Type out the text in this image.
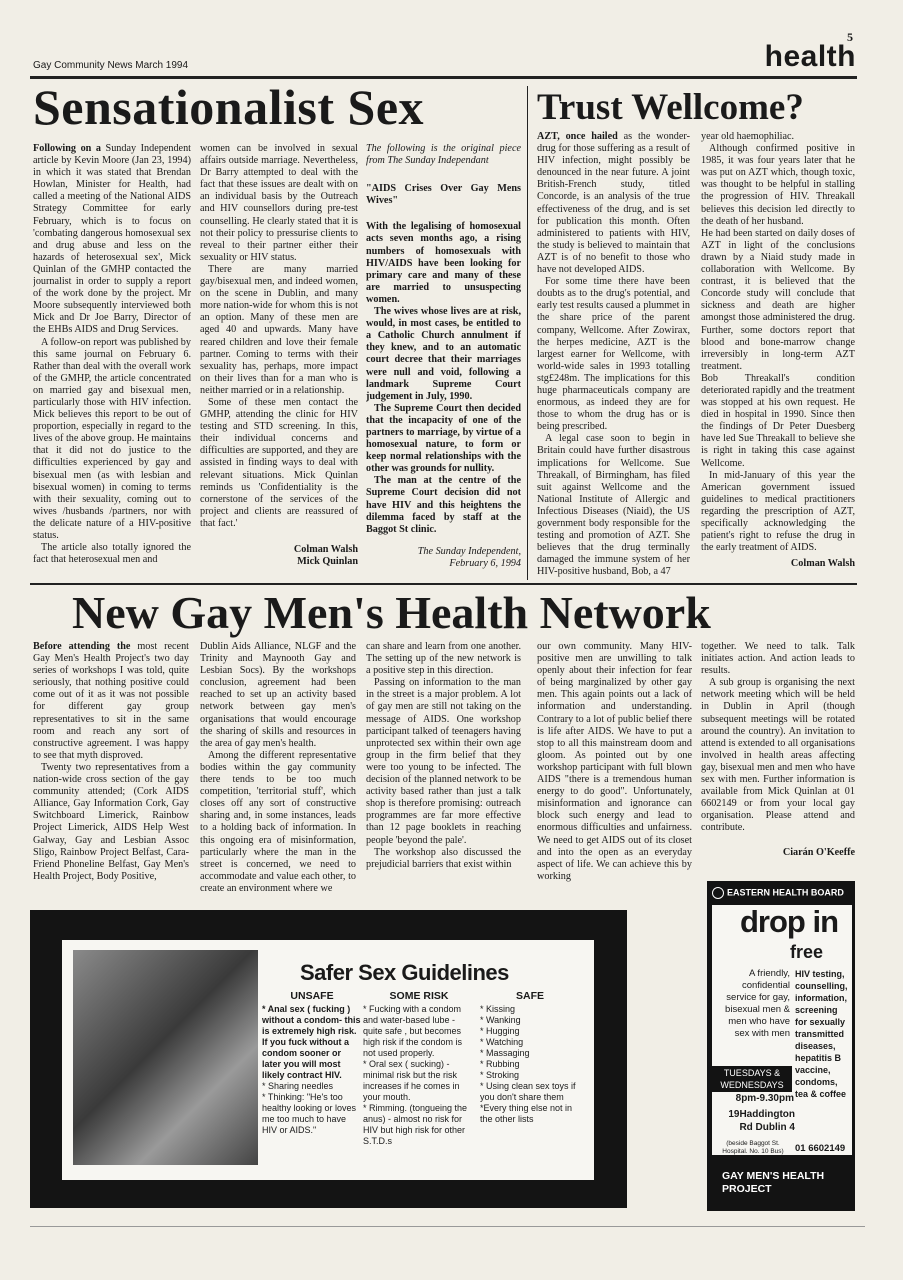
5
Gay Community News March 1994	health
Sensationalist Sex

Following on a Sunday Independent article by Kevin Moore (Jan 23, 1994) in which it was stated that Brendan Howlan, Minister for Health, had called a meeting of the National AIDS Strategy Committee for early February, which is to focus on 'combating dangerous homosexual sex and drug abuse and less on the hazards of heterosexual sex', Mick Quinlan of the GMHP contacted the journalist in order to supply a report of the work done by the project. Mr Moore subsequently interviewed both Mick and Dr Joe Barry, Director of the EHBs AIDS and Drug Services.

A follow-on report was published by this same journal on February 6. Rather than deal with the overall work of the GMHP, the article concentrated on married gay and bisexual men, particularly those with HIV infection. Mick believes this report to be out of proportion, especially in regard to the lives of the above group. He maintains that it did not do justice to the difficulties experienced by gay and bisexual men (as with lesbian and bisexual women) in coming to terms with their sexuality, coming out to wives /husbands /partners, nor with the delicate nature of a HIV-positive status.

The article also totally ignored the fact that heterosexual men and

women can be involved in sexual affairs outside marriage. Nevertheless, Dr Barry attempted to deal with the fact that these issues are dealt with on an individual basis by the Outreach and HIV counsellors during pre-test counselling. He clearly stated that it is not their policy to pressurise clients to reveal to their partner either their sexuality or HIV status.

There are many married gay/bisexual men, and indeed women, on the scene in Dublin, and many more nation-wide for whom this is not an option. Many of these men are aged 40 and upwards. Many have reared children and love their female partner. Coming to terms with their sexuality has, perhaps, more impact on their lives than for a man who is neither married or in a relationship.

Some of these men contact the GMHP, attending the clinic for HIV testing and STD screening. In this, their individual concerns and difficulties are supported, and they are assisted in finding ways to deal with relevant situations. Mick Quinlan reminds us 'Confidentiality is the cornerstone of the services of the project and clients are reassured of that fact.'

Colman Walsh
Mick Quinlan

The following is the original piece from The Sunday Independant

"AIDS Crises Over Gay Mens Wives"

With the legalising of homosexual acts seven months ago, a rising numbers of homosexuals with HIV/AIDS have been looking for primary care and many of these are married to unsuspecting women.

The wives whose lives are at risk, would, in most cases, be entitled to a Catholic Church annulment if they knew, and to an automatic court decree that their marriages were null and void, following a landmark Supreme Court judgement in July, 1990.

The Supreme Court then decided that the incapacity of one of the partners to marriage, by virtue of a homosexual nature, to form or keep normal relationships with the other was grounds for nullity.

The man at the centre of the Supreme Court decision did not have HIV and this heightens the dilemma faced by staff at the Baggot St clinic.

The Sunday Independent,
February 6, 1994
Trust Wellcome?

AZT, once hailed as the wonder-drug for those suffering as a result of HIV infection, might possibly be denounced in the near future. A joint British-French study, titled Concorde, is an analysis of the true effectiveness of the drug, and is set for publication this month. Often administered to patients with HIV, the study is believed to maintain that AZT is of no benefit to those who have not developed AIDS.

For some time there have been doubts as to the drug's potential, and early test results caused a plummet in the share price of the parent company, Wellcome. After Zowirax, the herpes medicine, AZT is the largest earner for Wellcome, with world-wide sales in 1993 totalling stg£248m. The implications for this huge pharmaceuticals company are enormous, as indeed they are for those to whom the drug has or is being prescribed.

A legal case soon to begin in Britain could have further disastrous implications for Wellcome. Sue Threakall, of Birmingham, has filed suit against Wellcome and the National Institute of Allergic and Infectious Diseases (Niaid), the US government body responsible for the testing and promotion of AZT. She believes that the drug terminally damaged the immune system of her HIV-positive husband, Bob, a 47

year old haemophiliac.

Although confirmed positive in 1985, it was four years later that he was put on AZT which, though toxic, was thought to be helpful in stalling the progression of HIV. Threakall believes this decision led directly to the death of her husband.

He had been started on daily doses of AZT in light of the conclusions drawn by a Niaid study made in collaboration with Wellcome. By contrast, it is believed that the Concorde study will conclude that sickness and death are higher amongst those administered the drug. Further, some doctors report that blood and bone-marrow change irreversibly in long-term AZT treatment.

Bob Threakall's condition deteriorated rapidly and the treatment was stopped at his own request. He died in hospital in 1990. Since then the findings of Dr Peter Duesberg have led Sue Threakall to believe she is right in taking this case against Wellcome.

In mid-January of this year the American government issued guidelines to medical practitioners regarding the prescription of AZT, specifically acknowledging the patient's right to refuse the drug in the early treatment of AIDS.

Colman Walsh
New Gay Men's Health Network

Before attending the most recent Gay Men's Health Project's two day series of workshops I was told, quite seriously, that nothing positive could come out of it as it was not possible for different gay group representatives to sit in the same room and reach any sort of constructive agreement. I was happy to see that myth disproved.

Twenty two representatives from a nation-wide cross section of the gay community attended; (Cork AIDS Alliance, Gay Information Cork, Gay Switchboard Limerick, Rainbow Project Limerick, AIDS Help West Galway, Gay and Lesbian Assoc Sligo, Rainbow Project Belfast, Cara-Friend Phoneline Belfast, Gay Men's Health Project, Body Positive,

Dublin Aids Alliance, NLGF and the Trinity and Maynooth Gay and Lesbian Socs). By the workshops conclusion, agreement had been reached to set up an activity based network between gay men's organisations that would encourage the sharing of skills and resources in the area of gay men's health.

Among the different representative bodies within the gay community there tends to be too much competition, 'territorial stuff', which closes off any sort of constructive sharing and, in some instances, leads to a holding back of information. In this ongoing era of misinformation, particularly where the man in the street is concerned, we need to accommodate and value each other, to create an environment where we

can share and learn from one another. The setting up of the new network is a positive step in this direction.

Passing on information to the man in the street is a major problem. A lot of gay men are still not taking on the message of AIDS. One workshop participant talked of teenagers having unprotected sex within their own age group in the firm belief that they were too young to be infected. The decision of the planned network to be activity based rather than just a talk shop is therefore promising: outreach programmes are far more effective than 12 page booklets in reaching people 'beyond the pale'.

The workshop also discussed the prejudicial barriers that exist within

our own community. Many HIV-positive men are unwilling to talk openly about their infection for fear of being marginalized by other gay men. This again points out a lack of information and understanding. Contrary to a lot of public belief there is life after AIDS. We have to put a stop to all this mainstream doom and gloom. As pointed out by one workshop participant with full blown AIDS "there is a tremendous human energy to do good". Unfortunately, misinformation and ignorance can block such energy and lead to enormous difficulties and unfairness. We need to get AIDS out of its closet and into the open as an everyday aspect of life. We can achieve this by working

together. We need to talk. Talk initiates action. And action leads to results.

A sub group is organising the next network meeting which will be held in Dublin in April (though subsequent meetings will be rotated around the country). An invitation to attend is extended to all organisations involved in health areas affecting gay, bisexual men and men who have sex with men. Further information is available from Mick Quinlan at 01 6602149 or from your local gay organisation. Please attend and contribute.

Ciarán O'Keeffe
Safer Sex Guidelines
UNSAFE
* Anal sex ( fucking ) without a condom- this is extremely high risk. If you fuck without a condom sooner or later you will most likely contract HIV.
* Sharing needles
* Thinking: "He's too healthy looking or loves me too much to have HIV or AIDS."
SOME RISK
* Fucking with a condom and water-based lube - quite safe , but becomes high risk if the condom is not used properly.
* Oral sex ( sucking) - minimal risk but the risk increases if he comes in your mouth.
* Rimming. (tongueing the anus) - almost no risk for HIV but high risk for other S.T.D.s
SAFE
* Kissing
* Wanking
* Hugging
* Watching
* Massaging
* Rubbing
* Stroking
* Using clean sex toys if you don't share them
*Every thing else not in the other lists
EASTERN HEALTH BOARD
drop in
free
A friendly, confidential service for gay, bisexual men & men who have sex with men
HIV testing, counselling, information, screening for sexually transmitted diseases, hepatitis B vaccine, condoms, tea & coffee
TUESDAYS & WEDNESDAYS
8pm-9.30pm
19Haddington Rd Dublin 4
(beside Baggot St. Hospital. No. 10 Bus)	01 6602149
GAY MEN'S HEALTH PROJECT
